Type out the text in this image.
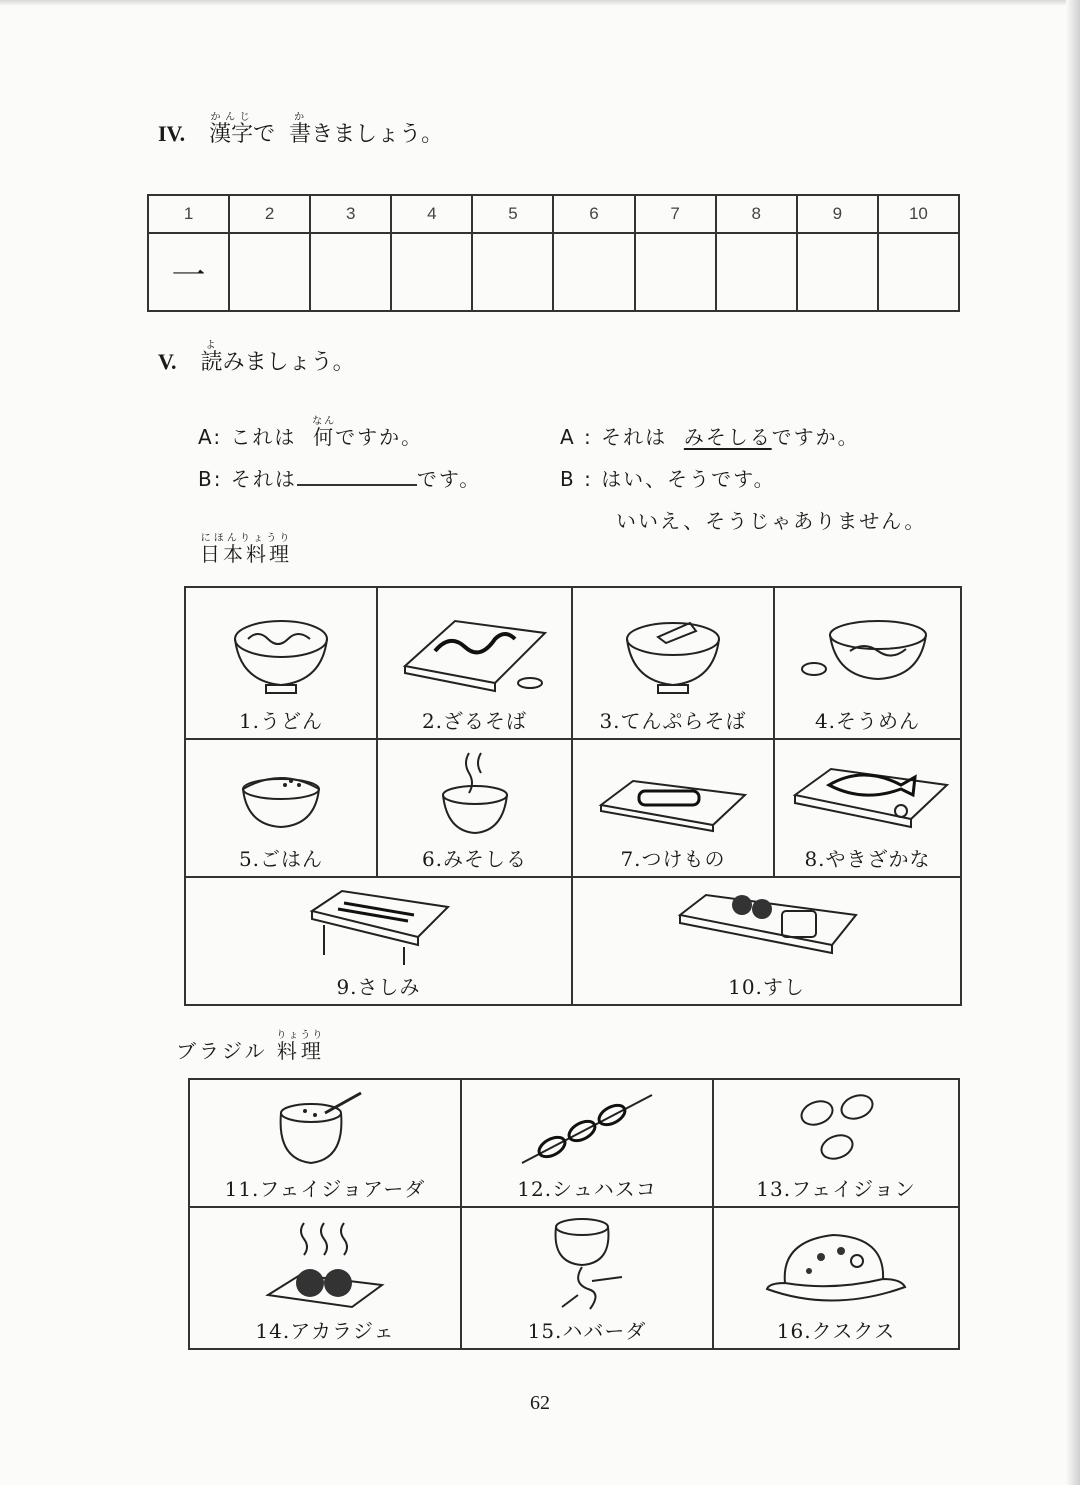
IV. 漢字かんじで 書かきましょう。
1	2	3	4	5	6	7	8	9	10
一									
V. 読よみましょう。
A: これは 何なんですか。
B: それは	です。
A : それは みそしるですか。
B : はい、そうです。
いいえ、そうじゃありません。
日本料理にほんりょうり
1.うどん	2.ざるそば	3.てんぷらそば	4.そうめん

5.ごはん	6.みそしる	7.つけもの	8.やきざかな

9.さしみ		10.すし	
ブラジル 料理りょうり
11.フェイジョアーダ	12.シュハスコ	13.フェイジョン

14.アカラジェ	15.ハバーダ	16.クスクス
62
